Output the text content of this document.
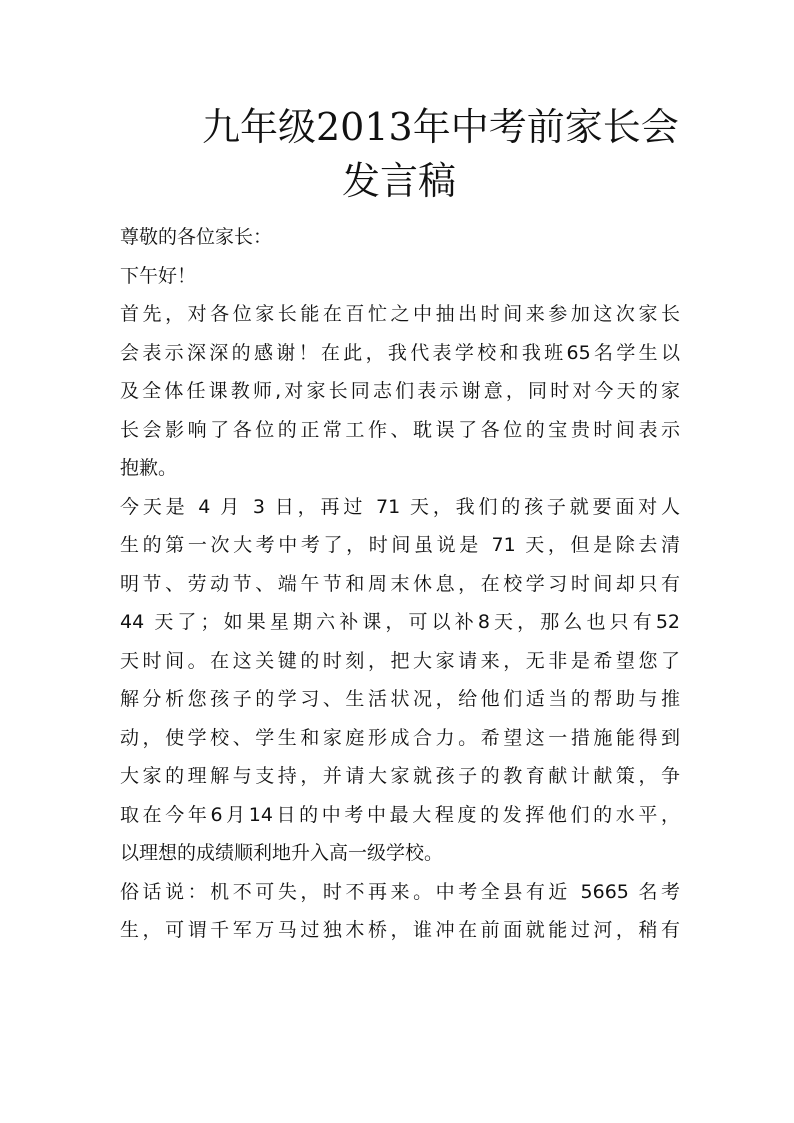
九年级2013年中考前家长会
发言稿
尊敬的各位家长：
下午好！
首先，对各位家长能在百忙之中抽出时间来参加这次家长
会表示深深的感谢！在此，我代表学校和我班65名学生以
及全体任课教师,对家长同志们表示谢意，同时对今天的家
长会影响了各位的正常工作、耽误了各位的宝贵时间表示
抱歉。
今天是 4 月 3 日，再过 71 天，我们的孩子就要面对人
生的第一次大考中考了，时间虽说是 71 天，但是除去清
明节、劳动节、端午节和周末休息，在校学习时间却只有
44 天了；如果星期六补课，可以补8天，那么也只有52
天时间。在这关键的时刻，把大家请来，无非是希望您了
解分析您孩子的学习、生活状况，给他们适当的帮助与推
动，使学校、学生和家庭形成合力。希望这一措施能得到
大家的理解与支持，并请大家就孩子的教育献计献策，争
取在今年6月14日的中考中最大程度的发挥他们的水平，
以理想的成绩顺利地升入高一级学校。
俗话说：机不可失，时不再来。中考全县有近 5665 名考
生，可谓千军万马过独木桥，谁冲在前面就能过河，稍有
